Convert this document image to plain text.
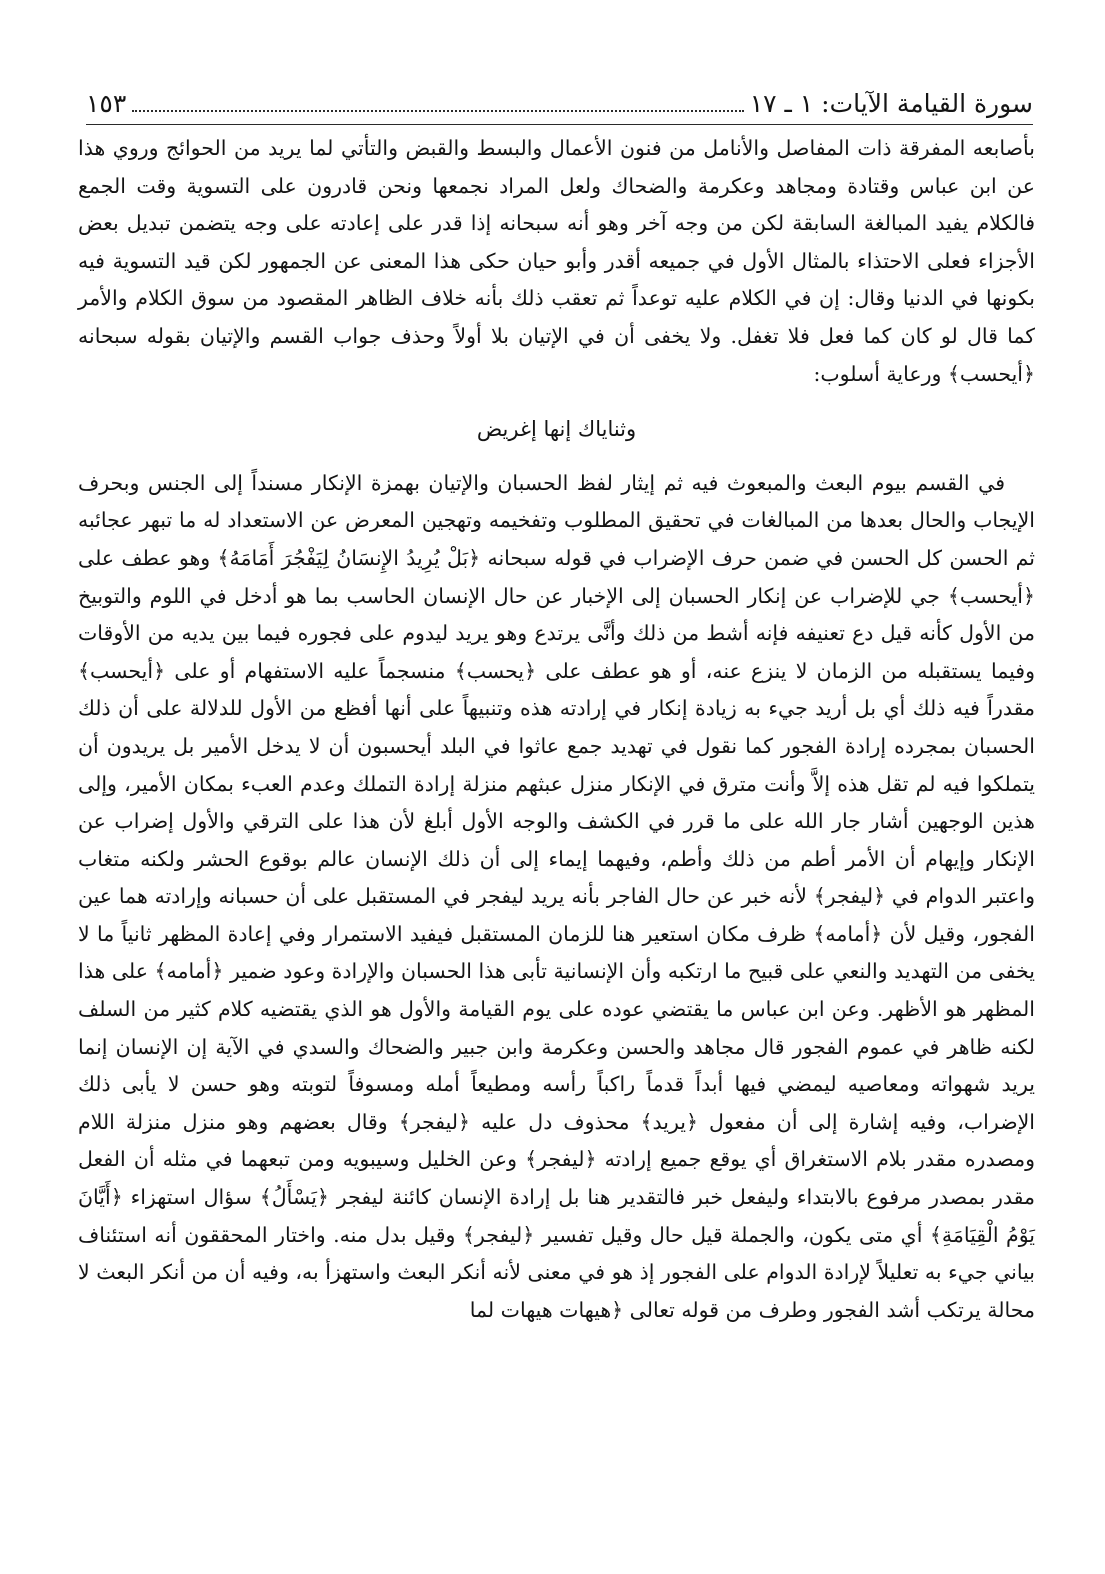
سورة القيامة الآيات: ١ ـ ١٧
١٥٣

بأصابعه المفرقة ذات المفاصل والأنامل من فنون الأعمال والبسط والقبض والتأتي لما يريد من الحوائج وروي هذا عن ابن عباس وقتادة ومجاهد وعكرمة والضحاك ولعل المراد نجمعها ونحن قادرون على التسوية وقت الجمع فالكلام يفيد المبالغة السابقة لكن من وجه آخر وهو أنه سبحانه إذا قدر على إعادته على وجه يتضمن تبديل بعض الأجزاء فعلى الاحتذاء بالمثال الأول في جميعه أقدر وأبو حيان حكى هذا المعنى عن الجمهور لكن قيد التسوية فيه بكونها في الدنيا وقال: إن في الكلام عليه توعداً ثم تعقب ذلك بأنه خلاف الظاهر المقصود من سوق الكلام والأمر كما قال لو كان كما فعل فلا تغفل. ولا يخفى أن في الإتيان بلا أولاً وحذف جواب القسم والإتيان بقوله سبحانه ﴿أيحسب﴾ ورعاية أسلوب:

وثناياك إنها إغريض

في القسم بيوم البعث والمبعوث فيه ثم إيثار لفظ الحسبان والإتيان بهمزة الإنكار مسنداً إلى الجنس وبحرف الإيجاب والحال بعدها من المبالغات في تحقيق المطلوب وتفخيمه وتهجين المعرض عن الاستعداد له ما تبهر عجائبه ثم الحسن كل الحسن في ضمن حرف الإضراب في قوله سبحانه ﴿بَلْ يُرِيدُ الإِنسَانُ لِيَفْجُرَ أَمَامَهُ﴾ وهو عطف على ﴿أيحسب﴾ جي للإضراب عن إنكار الحسبان إلى الإخبار عن حال الإنسان الحاسب بما هو أدخل في اللوم والتوبيخ من الأول كأنه قيل دع تعنيفه فإنه أشط من ذلك وأنَّى يرتدع وهو يريد ليدوم على فجوره فيما بين يديه من الأوقات وفيما يستقبله من الزمان لا ينزع عنه، أو هو عطف على ﴿يحسب﴾ منسجماً عليه الاستفهام أو على ﴿أيحسب﴾ مقدراً فيه ذلك أي بل أريد جيء به زيادة إنكار في إرادته هذه وتنبيهاً على أنها أفظع من الأول للدلالة على أن ذلك الحسبان بمجرده إرادة الفجور كما نقول في تهديد جمع عاثوا في البلد أيحسبون أن لا يدخل الأمير بل يريدون أن يتملكوا فيه لم تقل هذه إلاَّ وأنت مترق في الإنكار منزل عبثهم منزلة إرادة التملك وعدم العبء بمكان الأمير، وإلى هذين الوجهين أشار جار الله على ما قرر في الكشف والوجه الأول أبلغ لأن هذا على الترقي والأول إضراب عن الإنكار وإيهام أن الأمر أطم من ذلك وأطم، وفيهما إيماء إلى أن ذلك الإنسان عالم بوقوع الحشر ولكنه متغاب واعتبر الدوام في ﴿ليفجر﴾ لأنه خبر عن حال الفاجر بأنه يريد ليفجر في المستقبل على أن حسبانه وإرادته هما عين الفجور، وقيل لأن ﴿أمامه﴾ ظرف مكان استعير هنا للزمان المستقبل فيفيد الاستمرار وفي إعادة المظهر ثانياً ما لا يخفى من التهديد والنعي على قبيح ما ارتكبه وأن الإنسانية تأبى هذا الحسبان والإرادة وعود ضمير ﴿أمامه﴾ على هذا المظهر هو الأظهر. وعن ابن عباس ما يقتضي عوده على يوم القيامة والأول هو الذي يقتضيه كلام كثير من السلف لكنه ظاهر في عموم الفجور قال مجاهد والحسن وعكرمة وابن جبير والضحاك والسدي في الآية إن الإنسان إنما يريد شهواته ومعاصيه ليمضي فيها أبداً قدماً راكباً رأسه ومطيعاً أمله ومسوفاً لتوبته وهو حسن لا يأبى ذلك الإضراب، وفيه إشارة إلى أن مفعول ﴿يريد﴾ محذوف دل عليه ﴿ليفجر﴾ وقال بعضهم وهو منزل منزلة اللام ومصدره مقدر بلام الاستغراق أي يوقع جميع إرادته ﴿ليفجر﴾ وعن الخليل وسيبويه ومن تبعهما في مثله أن الفعل مقدر بمصدر مرفوع بالابتداء وليفعل خبر فالتقدير هنا بل إرادة الإنسان كائنة ليفجر ﴿يَسْأَلُ﴾ سؤال استهزاء ﴿أَيَّانَ يَوْمُ الْقِيَامَةِ﴾ أي متى يكون، والجملة قيل حال وقيل تفسير ﴿ليفجر﴾ وقيل بدل منه. واختار المحققون أنه استئناف بياني جيء به تعليلاً لإرادة الدوام على الفجور إذ هو في معنى لأنه أنكر البعث واستهزأ به، وفيه أن من أنكر البعث لا محالة يرتكب أشد الفجور وطرف من قوله تعالى ﴿هيهات هيهات لما
